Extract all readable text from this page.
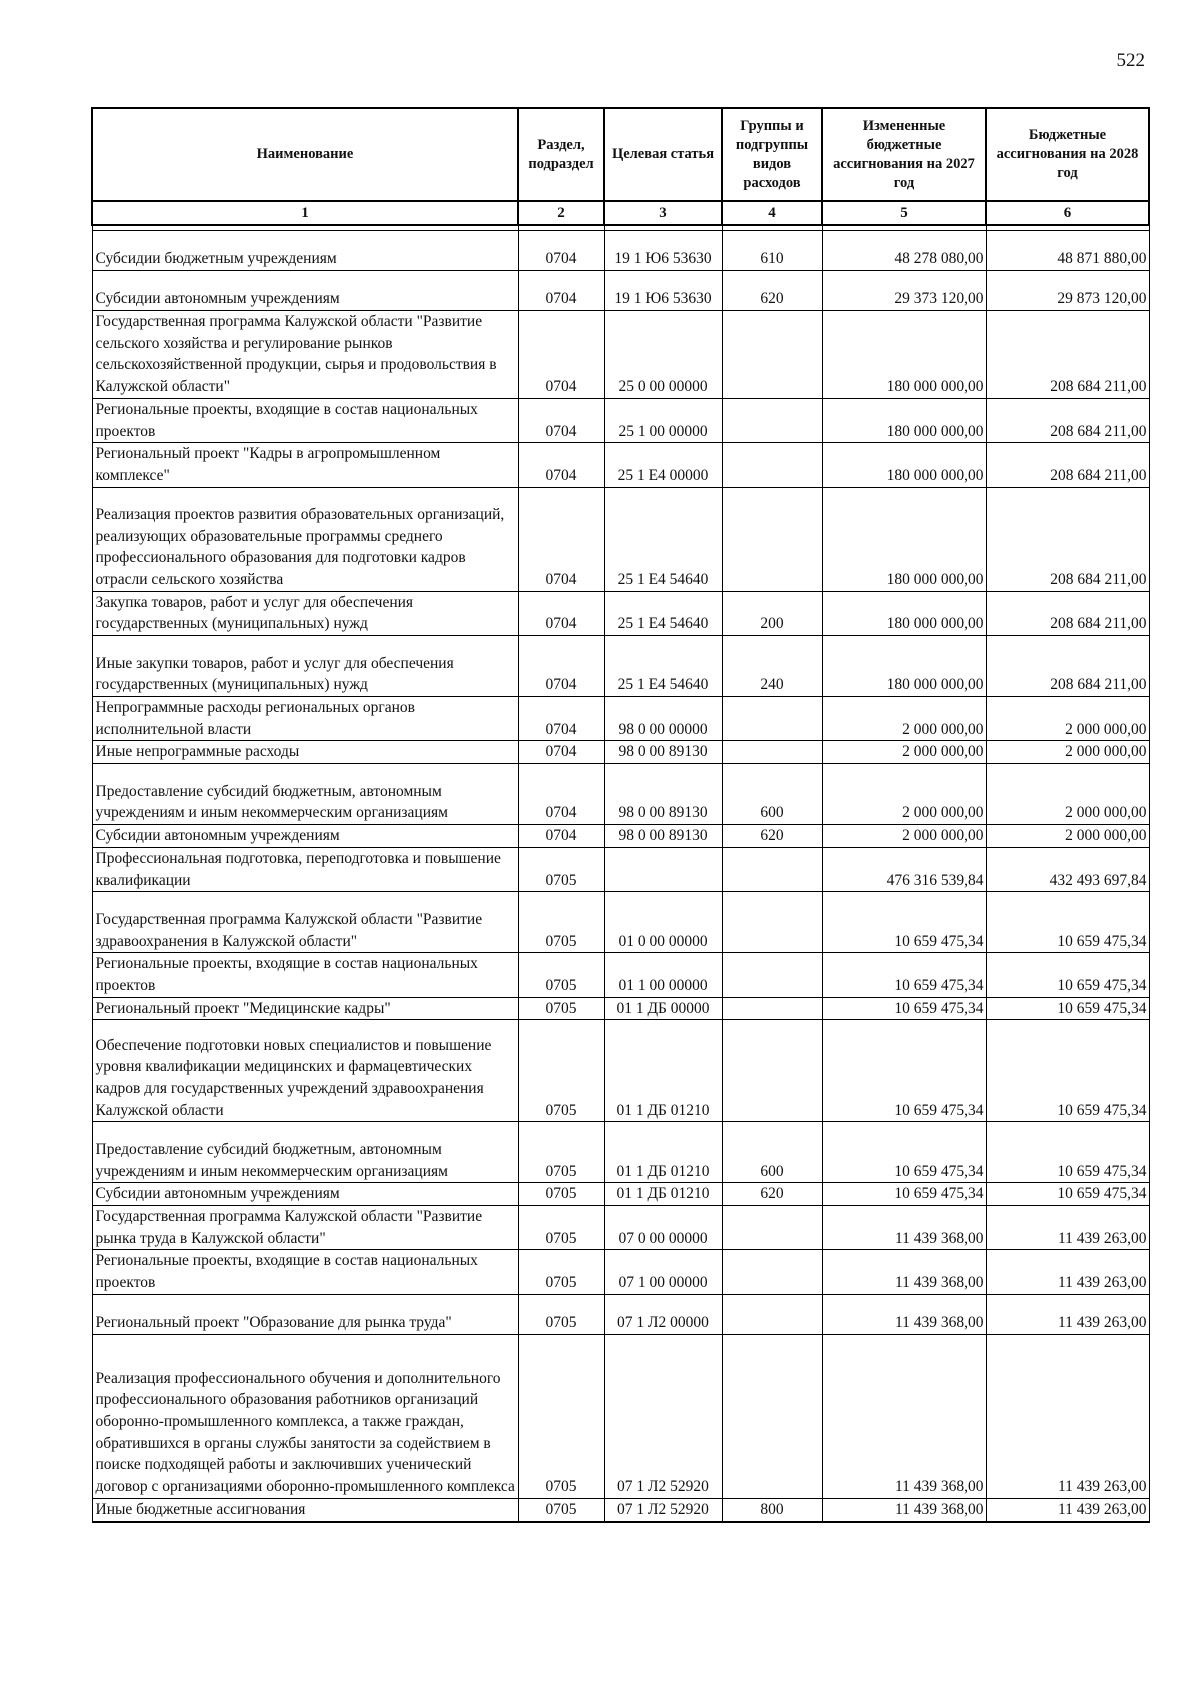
522
Наименование	Раздел, подраздел	Целевая статья	Группы и подгруппы видов расходов	Измененные бюджетные ассигнования на 2027 год	Бюджетные ассигнования на 2028 год
1	2	3	4	5	6

Субсидии бюджетным учреждениям	0704	19 1 Ю6 53630	610	48 278 080,00	48 871 880,00
Субсидии автономным учреждениям	0704	19 1 Ю6 53630	620	29 373 120,00	29 873 120,00
Государственная программа Калужской области "Развитие сельского хозяйства и регулирование рынков сельскохозяйственной продукции, сырья и продовольствия в Калужской области"	0704	25 0 00 00000		180 000 000,00	208 684 211,00
Региональные проекты, входящие в состав национальных проектов	0704	25 1 00 00000		180 000 000,00	208 684 211,00
Региональный проект "Кадры в агропромышленном комплексе"	0704	25 1 Е4 00000		180 000 000,00	208 684 211,00
Реализация проектов развития образовательных организаций, реализующих образовательные программы среднего профессионального образования для подготовки кадров отрасли сельского хозяйства	0704	25 1 Е4 54640		180 000 000,00	208 684 211,00
Закупка товаров, работ и услуг для обеспечения государственных (муниципальных) нужд	0704	25 1 Е4 54640	200	180 000 000,00	208 684 211,00
Иные закупки товаров, работ и услуг для обеспечения государственных (муниципальных) нужд	0704	25 1 Е4 54640	240	180 000 000,00	208 684 211,00
Непрограммные расходы региональных органов исполнительной власти	0704	98 0 00 00000		2 000 000,00	2 000 000,00
Иные непрограммные расходы	0704	98 0 00 89130		2 000 000,00	2 000 000,00
Предоставление субсидий бюджетным, автономным учреждениям и иным некоммерческим организациям	0704	98 0 00 89130	600	2 000 000,00	2 000 000,00
Субсидии автономным учреждениям	0704	98 0 00 89130	620	2 000 000,00	2 000 000,00
Профессиональная подготовка, переподготовка и повышение квалификации	0705			476 316 539,84	432 493 697,84
Государственная программа Калужской области "Развитие здравоохранения в Калужской области"	0705	01 0 00 00000		10 659 475,34	10 659 475,34
Региональные проекты, входящие в состав национальных проектов	0705	01 1 00 00000		10 659 475,34	10 659 475,34
Региональный проект "Медицинские кадры"	0705	01 1 ДБ 00000		10 659 475,34	10 659 475,34
Обеспечение подготовки новых специалистов и повышение уровня квалификации медицинских и фармацевтических кадров для государственных учреждений здравоохранения Калужской области	0705	01 1 ДБ 01210		10 659 475,34	10 659 475,34
Предоставление субсидий бюджетным, автономным учреждениям и иным некоммерческим организациям	0705	01 1 ДБ 01210	600	10 659 475,34	10 659 475,34
Субсидии автономным учреждениям	0705	01 1 ДБ 01210	620	10 659 475,34	10 659 475,34
Государственная программа Калужской области "Развитие рынка труда в Калужской области"	0705	07 0 00 00000		11 439 368,00	11 439 263,00
Региональные проекты, входящие в состав национальных проектов	0705	07 1 00 00000		11 439 368,00	11 439 263,00
Региональный проект "Образование для рынка труда"	0705	07 1 Л2 00000		11 439 368,00	11 439 263,00
Реализация профессионального обучения и дополнительного профессионального образования работников организаций оборонно-промышленного комплекса, а также граждан, обратившихся в органы службы занятости за содействием в поиске подходящей работы и заключивших ученический договор с организациями оборонно-промышленного комплекса	0705	07 1 Л2 52920		11 439 368,00	11 439 263,00
Иные бюджетные ассигнования	0705	07 1 Л2 52920	800	11 439 368,00	11 439 263,00
